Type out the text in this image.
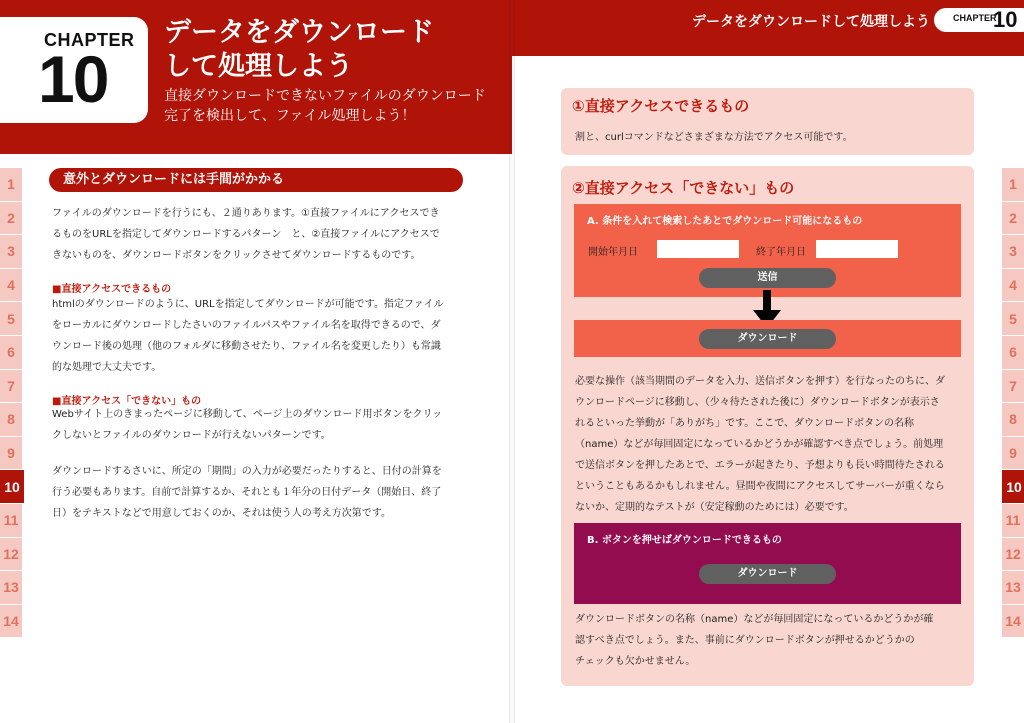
CHAPTER
10
データをダウンロード
して処理しよう
直接ダウンロードできないファイルのダウンロード
完了を検出して、ファイル処理しよう！
データをダウンロードして処理しよう	CHAPTER
10
1
2
3
4
5
6
7
8
9
10
11
12
13
14
1
2
3
4
5
6
7
8
9
10
11
12
13
14
意外とダウンロードには手間がかかる
ファイルのダウンロードを行うにも、２通りあります。①直接ファイルにアクセスでき
るものをURLを指定してダウンロードするパターン　と、②直接ファイルにアクセスで
きないものを、ダウンロードボタンをクリックさせてダウンロードするものです。
■直接アクセスできるもの
htmlのダウンロードのように、URLを指定してダウンロードが可能です。指定ファイル
をローカルにダウンロードしたさいのファイルパスやファイル名を取得できるので、ダ
ウンロード後の処理（他のフォルダに移動させたり、ファイル名を変更したり）も常識
的な処理で大丈夫です。
■直接アクセス「できない」もの
Webサイト上のきまったページに移動して、ページ上のダウンロード用ボタンをクリッ
クしないとファイルのダウンロードが行えないパターンです。
ダウンロードするさいに、所定の「期間」の入力が必要だったりすると、日付の計算を
行う必要もあります。自前で計算するか、それとも１年分の日付データ（開始日、終了
日）をテキストなどで用意しておくのか、それは使う人の考え方次第です。
①直接アクセスできるもの
割と、curlコマンドなどさまざまな方法でアクセス可能です。
②直接アクセス「できない」もの
A. 条件を入れて検索したあとでダウンロード可能になるもの
開始年月日	終了年月日
送信
ダウンロード
必要な操作（該当期間のデータを入力、送信ボタンを押す）を行なったのちに、ダ
ウンロードページに移動し、（少々待たされた後に）ダウンロードボタンが表示さ
れるといった挙動が「ありがち」です。ここで、ダウンロードボタンの名称
（name）などが毎回固定になっているかどうかが確認すべき点でしょう。前処理
で送信ボタンを押したあとで、エラーが起きたり、予想よりも長い時間待たされる
ということもあるかもしれません。昼間や夜間にアクセスしてサーバーが重くなら
ないか、定期的なテストが（安定稼動のためには）必要です。
B. ボタンを押せばダウンロードできるもの
ダウンロード
ダウンロードボタンの名称（name）などが毎回固定になっているかどうかが確
認すべき点でしょう。また、事前にダウンロードボタンが押せるかどうかの
チェックも欠かせません。
